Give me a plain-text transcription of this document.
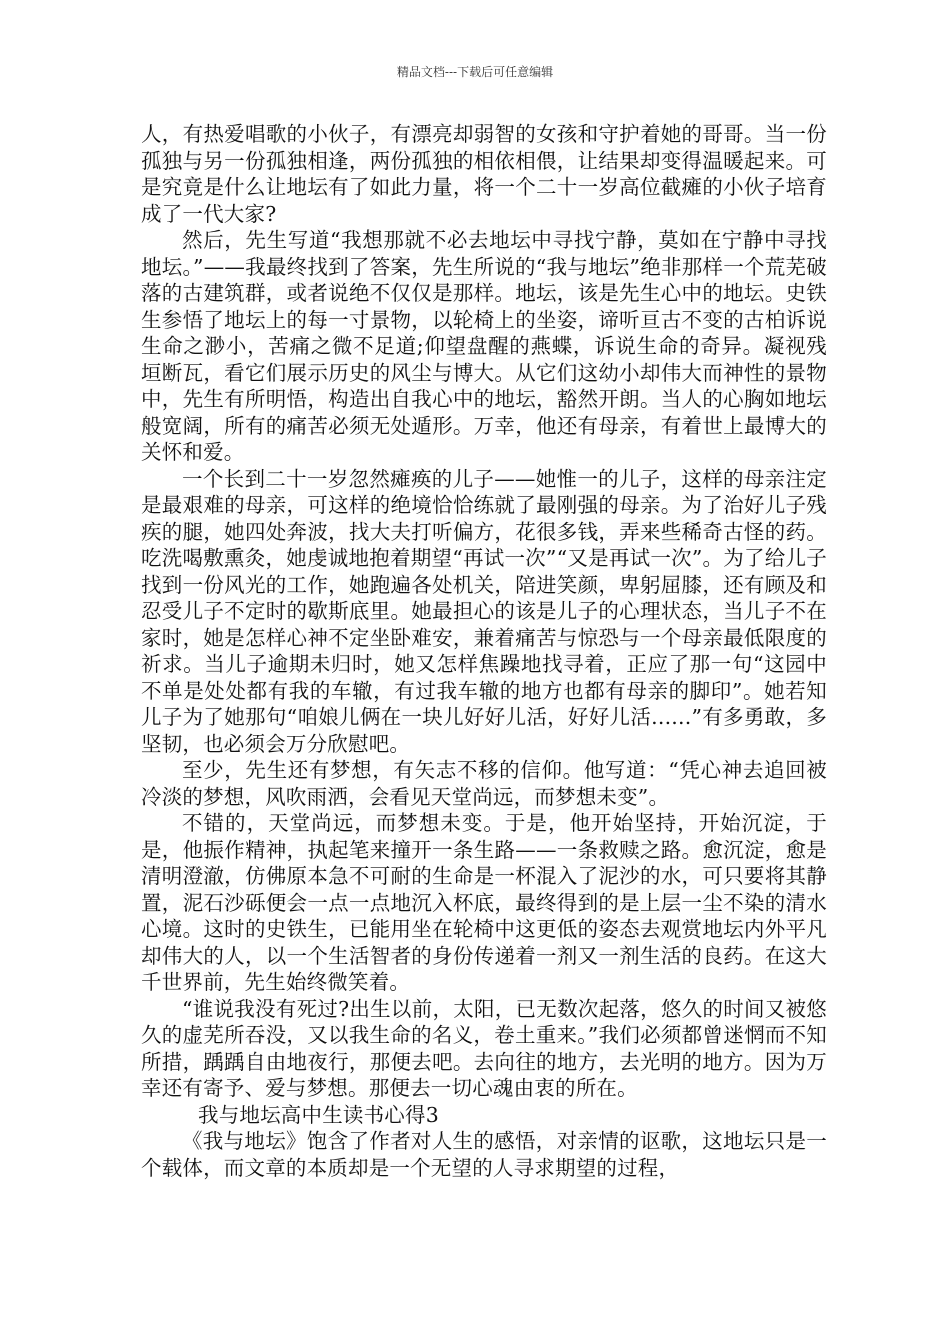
精品文档---下载后可任意编辑

人，有热爱唱歌的小伙子，有漂亮却弱智的女孩和守护着她的哥哥。当一份孤独与另一份孤独相逢，两份孤独的相依相偎，让结果却变得温暖起来。可是究竟是什么让地坛有了如此力量，将一个二十一岁高位截瘫的小伙子培育成了一代大家?

然后，先生写道“我想那就不必去地坛中寻找宁静，莫如在宁静中寻找地坛。”——我最终找到了答案，先生所说的“我与地坛”绝非那样一个荒芜破落的古建筑群，或者说绝不仅仅是那样。地坛，该是先生心中的地坛。史铁生参悟了地坛上的每一寸景物，以轮椅上的坐姿，谛听亘古不变的古柏诉说生命之渺小，苦痛之微不足道;仰望盘醒的燕蝶，诉说生命的奇异。凝视残垣断瓦，看它们展示历史的风尘与博大。从它们这幼小却伟大而神性的景物中，先生有所明悟，构造出自我心中的地坛，豁然开朗。当人的心胸如地坛般宽阔，所有的痛苦必须无处遁形。万幸，他还有母亲，有着世上最博大的关怀和爱。

一个长到二十一岁忽然瘫痪的儿子——她惟一的儿子，这样的母亲注定是最艰难的母亲，可这样的绝境恰恰练就了最刚强的母亲。为了治好儿子残疾的腿，她四处奔波，找大夫打听偏方，花很多钱，弄来些稀奇古怪的药。吃洗喝敷熏灸，她虔诚地抱着期望“再试一次”“又是再试一次”。为了给儿子找到一份风光的工作，她跑遍各处机关，陪进笑颜，卑躬屈膝，还有顾及和忍受儿子不定时的歇斯底里。她最担心的该是儿子的心理状态，当儿子不在家时，她是怎样心神不定坐卧难安，兼着痛苦与惊恐与一个母亲最低限度的祈求。当儿子逾期未归时，她又怎样焦躁地找寻着，正应了那一句“这园中不单是处处都有我的车辙，有过我车辙的地方也都有母亲的脚印”。她若知儿子为了她那句“咱娘儿俩在一块儿好好儿活，好好儿活......”有多勇敢，多坚韧，也必须会万分欣慰吧。

至少，先生还有梦想，有矢志不移的信仰。他写道：“凭心神去追回被冷淡的梦想，风吹雨洒，会看见天堂尚远，而梦想未变”。

不错的，天堂尚远，而梦想未变。于是，他开始坚持，开始沉淀，于是，他振作精神，执起笔来撞开一条生路——一条救赎之路。愈沉淀，愈是清明澄澈，仿佛原本急不可耐的生命是一杯混入了泥沙的水，可只要将其静置，泥石沙砾便会一点一点地沉入杯底，最终得到的是上层一尘不染的清水心境。这时的史铁生，已能用坐在轮椅中这更低的姿态去观赏地坛内外平凡却伟大的人，以一个生活智者的身份传递着一剂又一剂生活的良药。在这大千世界前，先生始终微笑着。

“谁说我没有死过?出生以前，太阳，已无数次起落，悠久的时间又被悠久的虚芜所吞没，又以我生命的名义，卷土重来。”我们必须都曾迷惘而不知所措，踽踽自由地夜行，那便去吧。去向往的地方，去光明的地方。因为万幸还有寄予、爱与梦想。那便去一切心魂由衷的所在。

我与地坛高中生读书心得3

《我与地坛》饱含了作者对人生的感悟，对亲情的讴歌，这地坛只是一个载体，而文章的本质却是一个无望的人寻求期望的过程，
